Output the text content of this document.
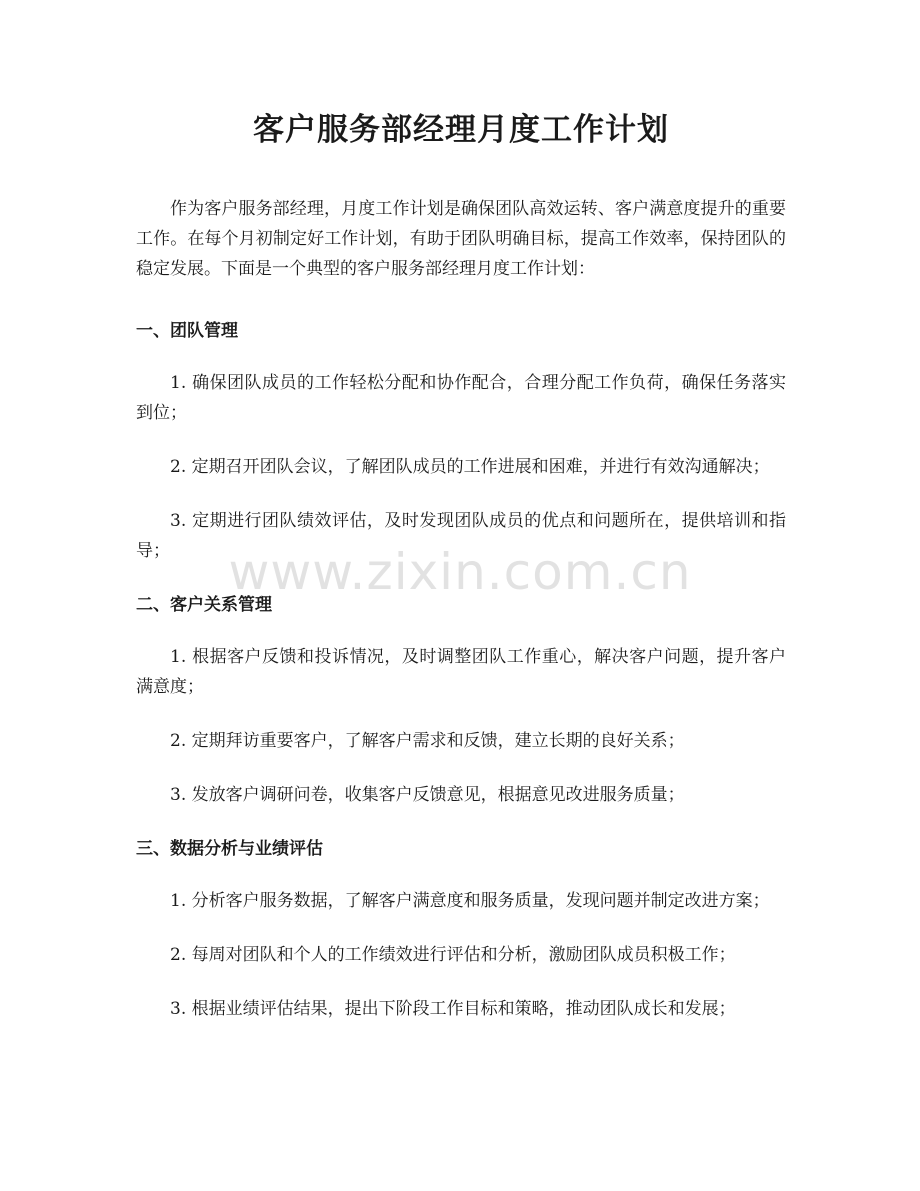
客户服务部经理月度工作计划

作为客户服务部经理，月度工作计划是确保团队高效运转、客户满意度提升的重要工作。在每个月初制定好工作计划，有助于团队明确目标，提高工作效率，保持团队的稳定发展。下面是一个典型的客户服务部经理月度工作计划：

一、团队管理

1. 确保团队成员的工作轻松分配和协作配合，合理分配工作负荷，确保任务落实到位；

2. 定期召开团队会议，了解团队成员的工作进展和困难，并进行有效沟通解决；

3. 定期进行团队绩效评估，及时发现团队成员的优点和问题所在，提供培训和指导；

二、客户关系管理

1. 根据客户反馈和投诉情况，及时调整团队工作重心，解决客户问题，提升客户满意度；

2. 定期拜访重要客户，了解客户需求和反馈，建立长期的良好关系；

3. 发放客户调研问卷，收集客户反馈意见，根据意见改进服务质量；

三、数据分析与业绩评估

1. 分析客户服务数据，了解客户满意度和服务质量，发现问题并制定改进方案；

2. 每周对团队和个人的工作绩效进行评估和分析，激励团队成员积极工作；

3. 根据业绩评估结果，提出下阶段工作目标和策略，推动团队成长和发展；

www.zixin.com.cn
